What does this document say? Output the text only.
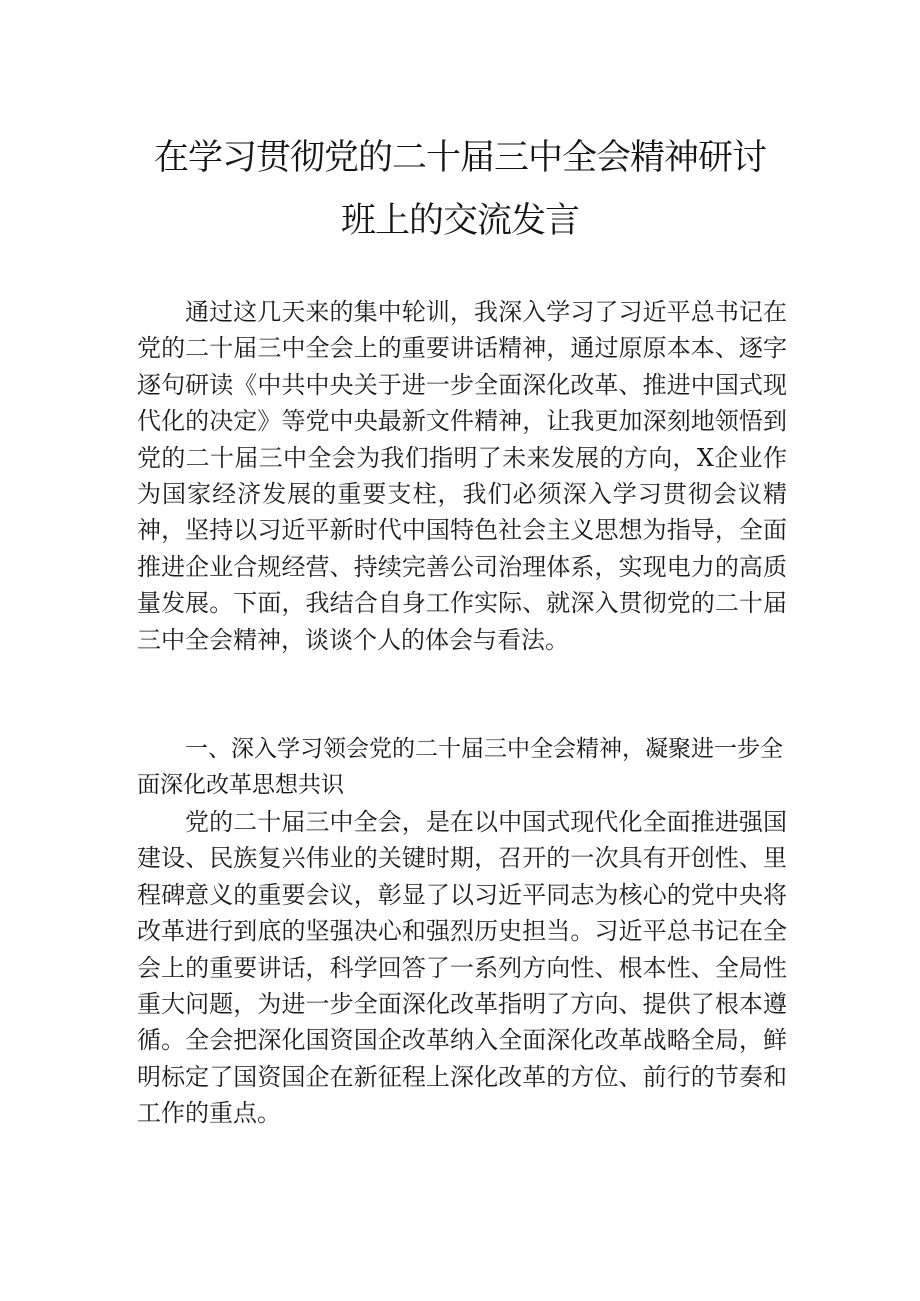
在学习贯彻党的二十届三中全会精神研讨
班上的交流发言

通过这几天来的集中轮训，我深入学习了习近平总书记在党的二十届三中全会上的重要讲话精神，通过原原本本、逐字逐句研读《中共中央关于进一步全面深化改革、推进中国式现代化的决定》等党中央最新文件精神，让我更加深刻地领悟到党的二十届三中全会为我们指明了未来发展的方向，X企业作为国家经济发展的重要支柱，我们必须深入学习贯彻会议精神，坚持以习近平新时代中国特色社会主义思想为指导，全面推进企业合规经营、持续完善公司治理体系，实现电力的高质量发展。下面，我结合自身工作实际、就深入贯彻党的二十届三中全会精神，谈谈个人的体会与看法。

一、深入学习领会党的二十届三中全会精神，凝聚进一步全面深化改革思想共识

党的二十届三中全会，是在以中国式现代化全面推进强国建设、民族复兴伟业的关键时期，召开的一次具有开创性、里程碑意义的重要会议，彰显了以习近平同志为核心的党中央将改革进行到底的坚强决心和强烈历史担当。习近平总书记在全会上的重要讲话，科学回答了一系列方向性、根本性、全局性重大问题，为进一步全面深化改革指明了方向、提供了根本遵循。全会把深化国资国企改革纳入全面深化改革战略全局，鲜明标定了国资国企在新征程上深化改革的方位、前行的节奏和工作的重点。
